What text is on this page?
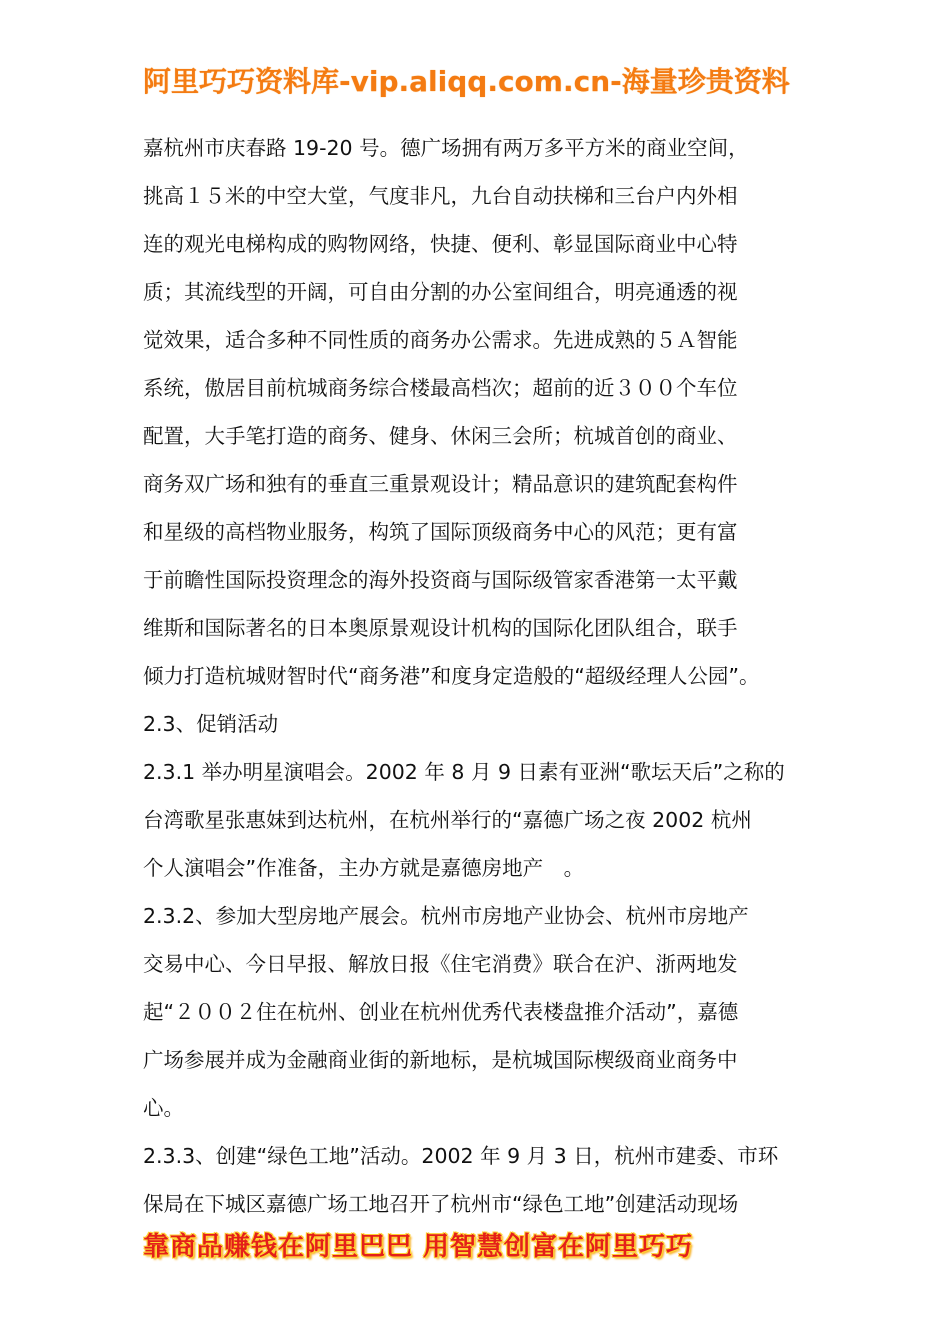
阿里巧巧资料库-vip.aliqq.com.cn-海量珍贵资料
嘉杭州市庆春路 19-20 号。德广场拥有两万多平方米的商业空间，
挑高１５米的中空大堂，气度非凡，九台自动扶梯和三台户内外相
连的观光电梯构成的购物网络，快捷、便利、彰显国际商业中心特
质；其流线型的开阔，可自由分割的办公室间组合，明亮通透的视
觉效果，适合多种不同性质的商务办公需求。先进成熟的５Ａ智能
系统，傲居目前杭城商务综合楼最高档次；超前的近３００个车位
配置，大手笔打造的商务、健身、休闲三会所；杭城首创的商业、
商务双广场和独有的垂直三重景观设计；精品意识的建筑配套构件
和星级的高档物业服务，构筑了国际顶级商务中心的风范；更有富
于前瞻性国际投资理念的海外投资商与国际级管家香港第一太平戴
维斯和国际著名的日本奥原景观设计机构的国际化团队组合，联手
倾力打造杭城财智时代“商务港”和度身定造般的“超级经理人公园”。
2.3、促销活动
2.3.1 举办明星演唱会。2002 年 8 月 9 日素有亚洲“歌坛天后”之称的
台湾歌星张惠妹到达杭州，在杭州举行的“嘉德广场之夜 2002 杭州
个人演唱会”作准备，主办方就是嘉德房地产　。
2.3.2、参加大型房地产展会。杭州市房地产业协会、杭州市房地产
交易中心、今日早报、解放日报《住宅消费》联合在沪、浙两地发
起“２００２住在杭州、创业在杭州优秀代表楼盘推介活动”，嘉德
广场参展并成为金融商业街的新地标，是杭城国际楔级商业商务中
心。
2.3.3、创建“绿色工地”活动。2002 年 9 月 3 日，杭州市建委、市环
保局在下城区嘉德广场工地召开了杭州市“绿色工地”创建活动现场
靠商品赚钱在阿里巴巴 用智慧创富在阿里巧巧
